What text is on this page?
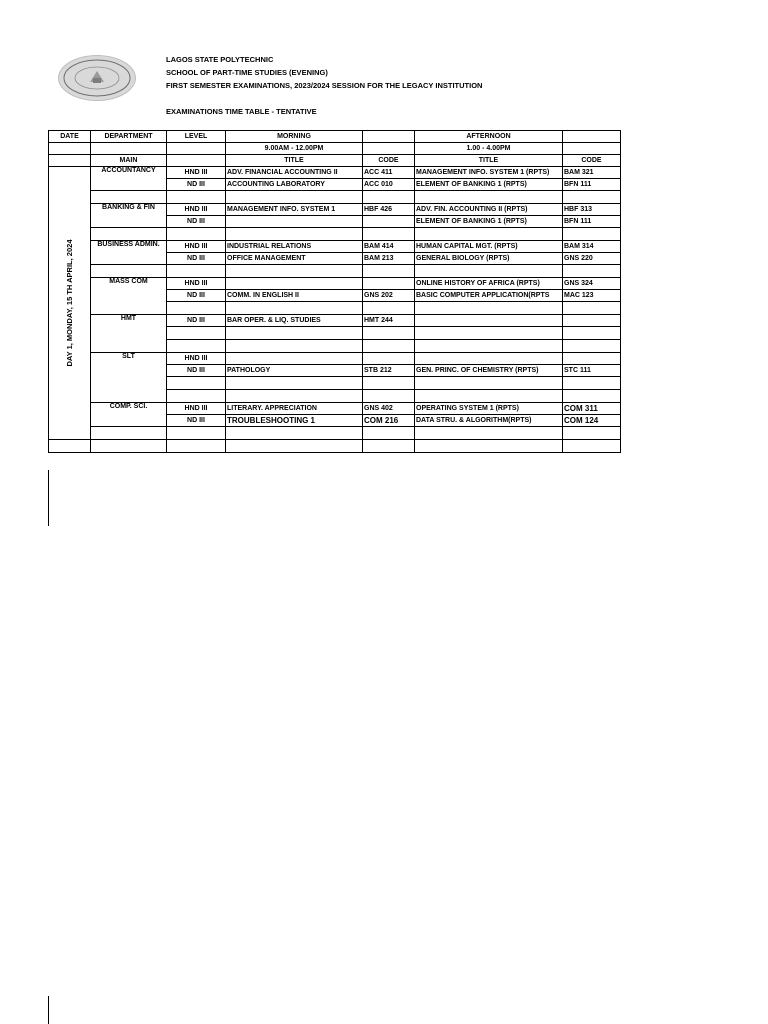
LAGOS STATE POLYTECHNIC
SCHOOL OF PART-TIME STUDIES (EVENING)
FIRST SEMESTER EXAMINATIONS, 2023/2024 SESSION FOR THE LEGACY INSTITUTION
EXAMINATIONS TIME TABLE - TENTATIVE
DATE	DEPARTMENT	LEVEL	MORNING		AFTERNOON		
			9.00AM - 12.00PM		1.00 - 4.00PM		
	MAIN		TITLE	CODE	TITLE	CODE	

DAY 1, MONDAY, 15 TH APRIL, 2024	ACCOUNTANCY	HND III	ADV. FINANCIAL ACCOUNTING II	ACC 411	MANAGEMENT INFO. SYSTEM 1 (RPTS)	BAM 321	
		ND III	ACCOUNTING LABORATORY	ACC 010	ELEMENT OF BANKING 1 (RPTS)	BFN 111	

	BANKING & FIN	HND III	MANAGEMENT INFO. SYSTEM 1	HBF 426	ADV. FIN. ACCOUNTING II (RPTS)	HBF 313	
		ND III			ELEMENT OF BANKING 1 (RPTS)	BFN 111	

	BUSINESS ADMIN.	HND III	INDUSTRIAL RELATIONS	BAM 414	HUMAN CAPITAL MGT. (RPTS)	BAM 314	
		ND III	OFFICE MANAGEMENT	BAM 213	GENERAL BIOLOGY (RPTS)	GNS 220	

	MASS COM	HND III			ONLINE HISTORY OF AFRICA (RPTS)	GNS 324	
		ND III	COMM. IN ENGLISH II	GNS 202	BASIC COMPUTER APPLICATION(RPTS	MAC 123	

	HMT	ND III	BAR OPER. & LIQ. STUDIES	HMT 244			

	SLT	HND III					
		ND III	PATHOLOGY	STB 212	GEN. PRINC. OF CHEMISTRY (RPTS)	STC 111	

	COMP. SCI.	HND III	LITERARY. APPRECIATION	GNS 402	OPERATING SYSTEM 1 (RPTS)	COM 311	
		ND III	TROUBLESHOOTING 1	COM 216	DATA STRU. & ALGORITHM(RPTS)	COM 124	
